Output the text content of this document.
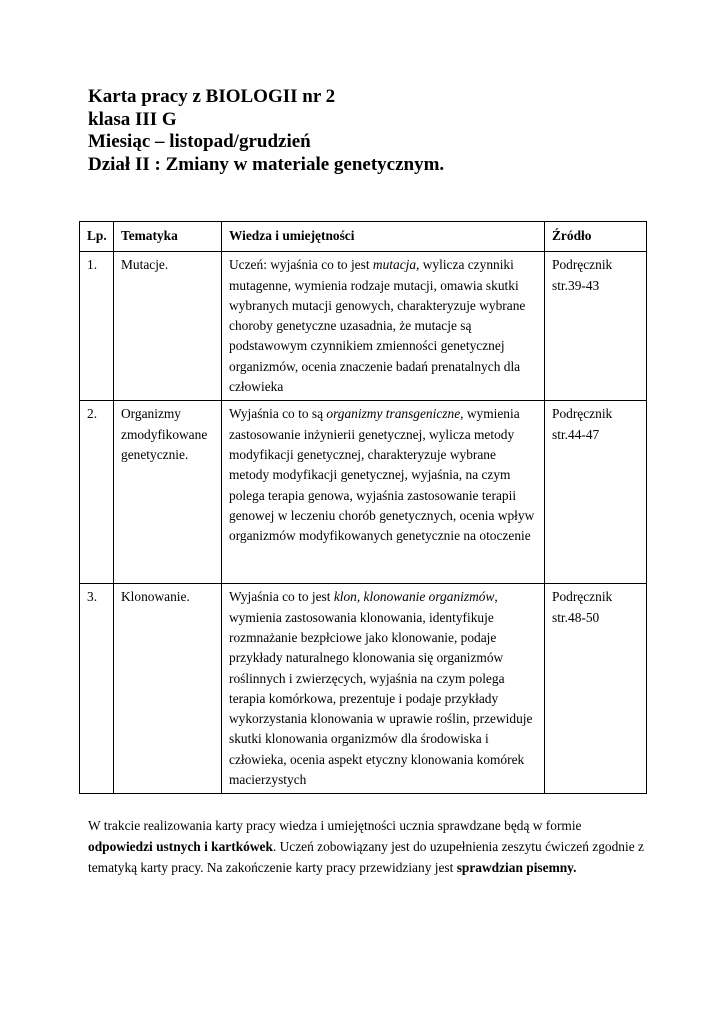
Karta pracy z BIOLOGII nr 2
klasa III G
Miesiąc – listopad/grudzień
Dział II : Zmiany w materiale genetycznym.
Lp.	Tematyka	Wiedza i umiejętności	Źródło
1.	Mutacje.	Uczeń: wyjaśnia co to jest mutacja, wylicza czynniki mutagenne, wymienia rodzaje mutacji, omawia skutki wybranych mutacji genowych, charakteryzuje wybrane choroby genetyczne uzasadnia, że mutacje są podstawowym czynnikiem zmienności genetycznej organizmów, ocenia znaczenie badań prenatalnych dla człowieka	Podręcznik str.39-43
2.	Organizmy zmodyfikowane genetycznie.	Wyjaśnia co to są organizmy transgeniczne, wymienia zastosowanie inżynierii genetycznej, wylicza metody modyfikacji genetycznej, charakteryzuje wybrane metody modyfikacji genetycznej, wyjaśnia, na czym polega terapia genowa, wyjaśnia zastosowanie terapii genowej w leczeniu chorób genetycznych, ocenia wpływ organizmów modyfikowanych genetycznie na otoczenie	Podręcznik str.44-47
3.	Klonowanie.	Wyjaśnia co to jest klon, klonowanie organizmów, wymienia zastosowania klonowania, identyfikuje rozmnażanie bezpłciowe jako klonowanie, podaje przykłady naturalnego klonowania się organizmów roślinnych i zwierzęcych, wyjaśnia na czym polega terapia komórkowa, prezentuje i podaje przykłady wykorzystania klonowania w uprawie roślin, przewiduje skutki klonowania organizmów dla środowiska i człowieka, ocenia aspekt etyczny klonowania komórek macierzystych	Podręcznik str.48-50

W trakcie realizowania karty pracy wiedza i umiejętności ucznia sprawdzane będą w formie odpowiedzi ustnych i kartkówek. Uczeń zobowiązany jest do uzupełnienia zeszytu ćwiczeń zgodnie z tematyką karty pracy. Na zakończenie karty pracy przewidziany jest sprawdzian pisemny.
